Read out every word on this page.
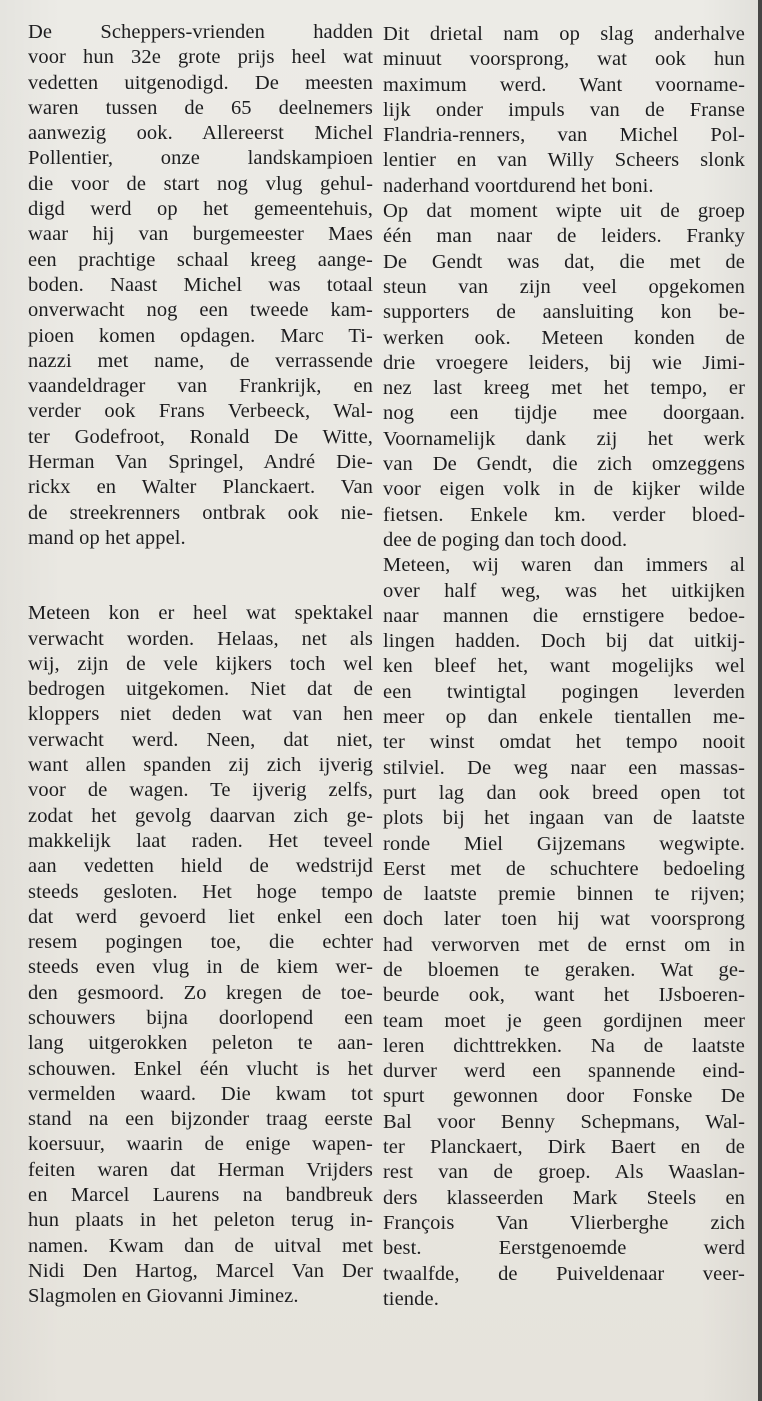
De Scheppers-vrienden hadden
voor hun 32e grote prijs heel wat
vedetten uitgenodigd. De meesten
waren tussen de 65 deelnemers
aanwezig ook. Allereerst Michel
Pollentier, onze landskampioen
die voor de start nog vlug gehul-
digd werd op het gemeentehuis,
waar hij van burgemeester Maes
een prachtige schaal kreeg aange-
boden. Naast Michel was totaal
onverwacht nog een tweede kam-
pioen komen opdagen. Marc Ti-
nazzi met name, de verrassende
vaandeldrager van Frankrijk, en
verder ook Frans Verbeeck, Wal-
ter Godefroot, Ronald De Witte,
Herman Van Springel, André Die-
rickx en Walter Planckaert. Van
de streekrenners ontbrak ook nie-
mand op het appel.
Meteen kon er heel wat spektakel
verwacht worden. Helaas, net als
wij, zijn de vele kijkers toch wel
bedrogen uitgekomen. Niet dat de
kloppers niet deden wat van hen
verwacht werd. Neen, dat niet,
want allen spanden zij zich ijverig
voor de wagen. Te ijverig zelfs,
zodat het gevolg daarvan zich ge-
makkelijk laat raden. Het teveel
aan vedetten hield de wedstrijd
steeds gesloten. Het hoge tempo
dat werd gevoerd liet enkel een
resem pogingen toe, die echter
steeds even vlug in de kiem wer-
den gesmoord. Zo kregen de toe-
schouwers bijna doorlopend een
lang uitgerokken peleton te aan-
schouwen. Enkel één vlucht is het
vermelden waard. Die kwam tot
stand na een bijzonder traag eerste
koersuur, waarin de enige wapen-
feiten waren dat Herman Vrijders
en Marcel Laurens na bandbreuk
hun plaats in het peleton terug in-
namen. Kwam dan de uitval met
Nidi Den Hartog, Marcel Van Der
Slagmolen en Giovanni Jiminez.
Dit drietal nam op slag anderhalve
minuut voorsprong, wat ook hun
maximum werd. Want voorname-
lijk onder impuls van de Franse
Flandria-renners, van Michel Pol-
lentier en van Willy Scheers slonk
naderhand voortdurend het boni.
Op dat moment wipte uit de groep
één man naar de leiders. Franky
De Gendt was dat, die met de
steun van zijn veel opgekomen
supporters de aansluiting kon be-
werken ook. Meteen konden de
drie vroegere leiders, bij wie Jimi-
nez last kreeg met het tempo, er
nog een tijdje mee doorgaan.
Voornamelijk dank zij het werk
van De Gendt, die zich omzeggens
voor eigen volk in de kijker wilde
fietsen. Enkele km. verder bloed-
dee de poging dan toch dood.
Meteen, wij waren dan immers al
over half weg, was het uitkijken
naar mannen die ernstigere bedoe-
lingen hadden. Doch bij dat uitkij-
ken bleef het, want mogelijks wel
een twintigtal pogingen leverden
meer op dan enkele tientallen me-
ter winst omdat het tempo nooit
stilviel. De weg naar een massas-
purt lag dan ook breed open tot
plots bij het ingaan van de laatste
ronde Miel Gijzemans wegwipte.
Eerst met de schuchtere bedoeling
de laatste premie binnen te rijven;
doch later toen hij wat voorsprong
had verworven met de ernst om in
de bloemen te geraken. Wat ge-
beurde ook, want het IJsboeren-
team moet je geen gordijnen meer
leren dichttrekken. Na de laatste
durver werd een spannende eind-
spurt gewonnen door Fonske De
Bal voor Benny Schepmans, Wal-
ter Planckaert, Dirk Baert en de
rest van de groep. Als Waaslan-
ders klasseerden Mark Steels en
François Van Vlierberghe zich
best. Eerstgenoemde werd
twaalfde, de Puiveldenaar veer-
tiende.
